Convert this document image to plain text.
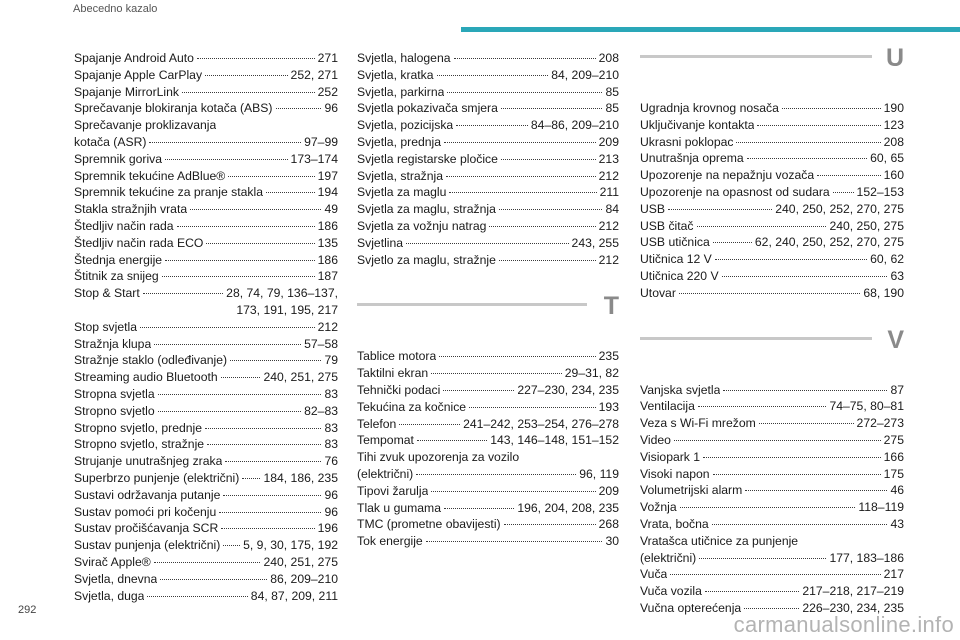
Abecedno kazalo
Spajanje Android Auto	271
Spajanje Apple CarPlay	252, 271
Spajanje MirrorLink	252
Sprečavanje blokiranja kotača (ABS)	96
Sprečavanje proklizavanja
kotača (ASR)	97–99
Spremnik goriva	173–174
Spremnik tekućine AdBlue®	197
Spremnik tekućine za pranje stakla	194
Stakla stražnjih vrata	49
Štedljiv način rada	186
Štedljiv način rada ECO	135
Štednja energije	186
Štitnik za snijeg	187
Stop & Start	28, 74, 79, 136–137,
173, 191, 195, 217
Stop svjetla	212
Stražnja klupa	57–58
Stražnje staklo (odleđivanje)	79
Streaming audio Bluetooth	240, 251, 275
Stropna svjetla	83
Stropno svjetlo	82–83
Stropno svjetlo, prednje	83
Stropno svjetlo, stražnje	83
Strujanje unutrašnjeg zraka	76
Superbrzo punjenje (električni) 184, 186, 235
Sustavi održavanja putanje	96
Sustav pomoći pri kočenju	96
Sustav pročišćavanja SCR	196
Sustav punjenja (električni) 5, 9, 30, 175, 192
Svirač Apple®	240, 251, 275
Svjetla, dnevna	86, 209–210
Svjetla, duga	84, 87, 209, 211
Svjetla, halogena	208
Svjetla, kratka	84, 209–210
Svjetla, parkirna	85
Svjetla pokazivača smjera	85
Svjetla, pozicijska	84–86, 209–210
Svjetla, prednja	209
Svjetla registarske pločice	213
Svjetla, stražnja	212
Svjetla za maglu	211
Svjetla za maglu, stražnja	84
Svjetla za vožnju natrag	212
Svjetlina	243, 255
Svjetlo za maglu, stražnje	212
T
Tablice motora	235
Taktilni ekran	29–31, 82
Tehnički podaci	227–230, 234, 235
Tekućina za kočnice	193
Telefon	241–242, 253–254, 276–278
Tempomat	143, 146–148, 151–152
Tihi zvuk upozorenja za vozilo
(električni)	96, 119
Tipovi žarulja	209
Tlak u gumama	196, 204, 208, 235
TMC (prometne obavijesti)	268
Tok energije	30
U
Ugradnja krovnog nosača	190
Uključivanje kontakta	123
Ukrasni poklopac	208
Unutrašnja oprema	60, 65
Upozorenje na nepažnju vozača	160
Upozorenje na opasnost od sudara 152–153
USB	240, 250, 252, 270, 275
USB čitač	240, 250, 275
USB utičnica	62, 240, 250, 252, 270, 275
Utičnica 12 V	60, 62
Utičnica 220 V	63
Utovar	68, 190
V
Vanjska svjetla	87
Ventilacija	74–75, 80–81
Veza s Wi-Fi mrežom	272–273
Video	275
Visiopark 1	166
Visoki napon	175
Volumetrijski alarm	46
Vožnja	118–119
Vrata, bočna	43
Vratašca utičnice za punjenje
(električni)	177, 183–186
Vuča	217
Vuča vozila	217–218, 217–219
Vučna opterećenja	226–230, 234, 235
292
carmanualsonline.info
